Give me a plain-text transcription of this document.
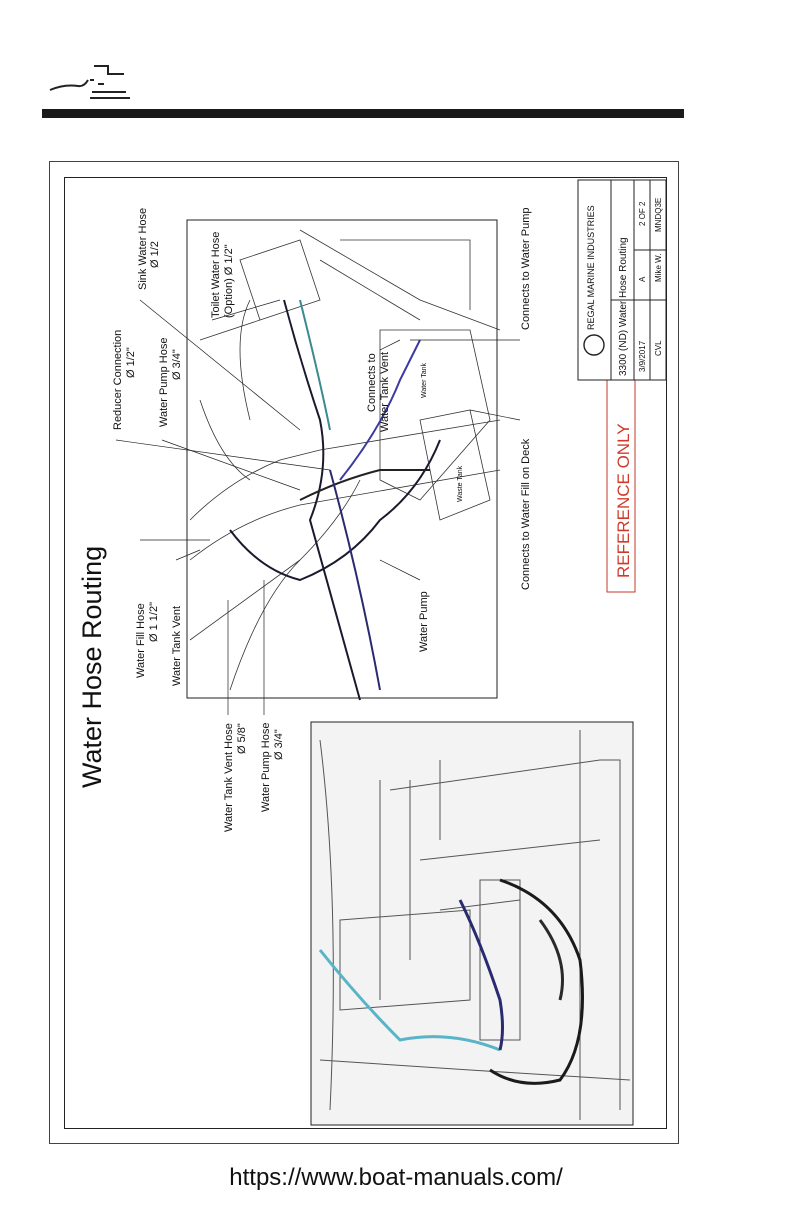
Water Hose Routing
REFERENCE ONLY
REGAL MARINE INDUSTRIES 3300 (ND) Water Hose Routing 3/9/2017
A
2 OF 2
CVL
Mike W.
MNDQ3E
Sink Water Hose Ø 1/2	Toilet Water Hose (Option) Ø 1/2"
Reducer Connection Ø 1/2" Water Pump Hose Ø 3/4"	Connects to Water Tank Vent
Connects to Water Pump
Connects to Water Fill on Deck
Water Pump
Water Fill Hose Ø 1 1/2" Water Tank Vent
Water Tank Vent Hose Ø 5/8" Water Pump Hose Ø 3/4"
Water Tank
Waste Tank
https://www.boat-manuals.com/
